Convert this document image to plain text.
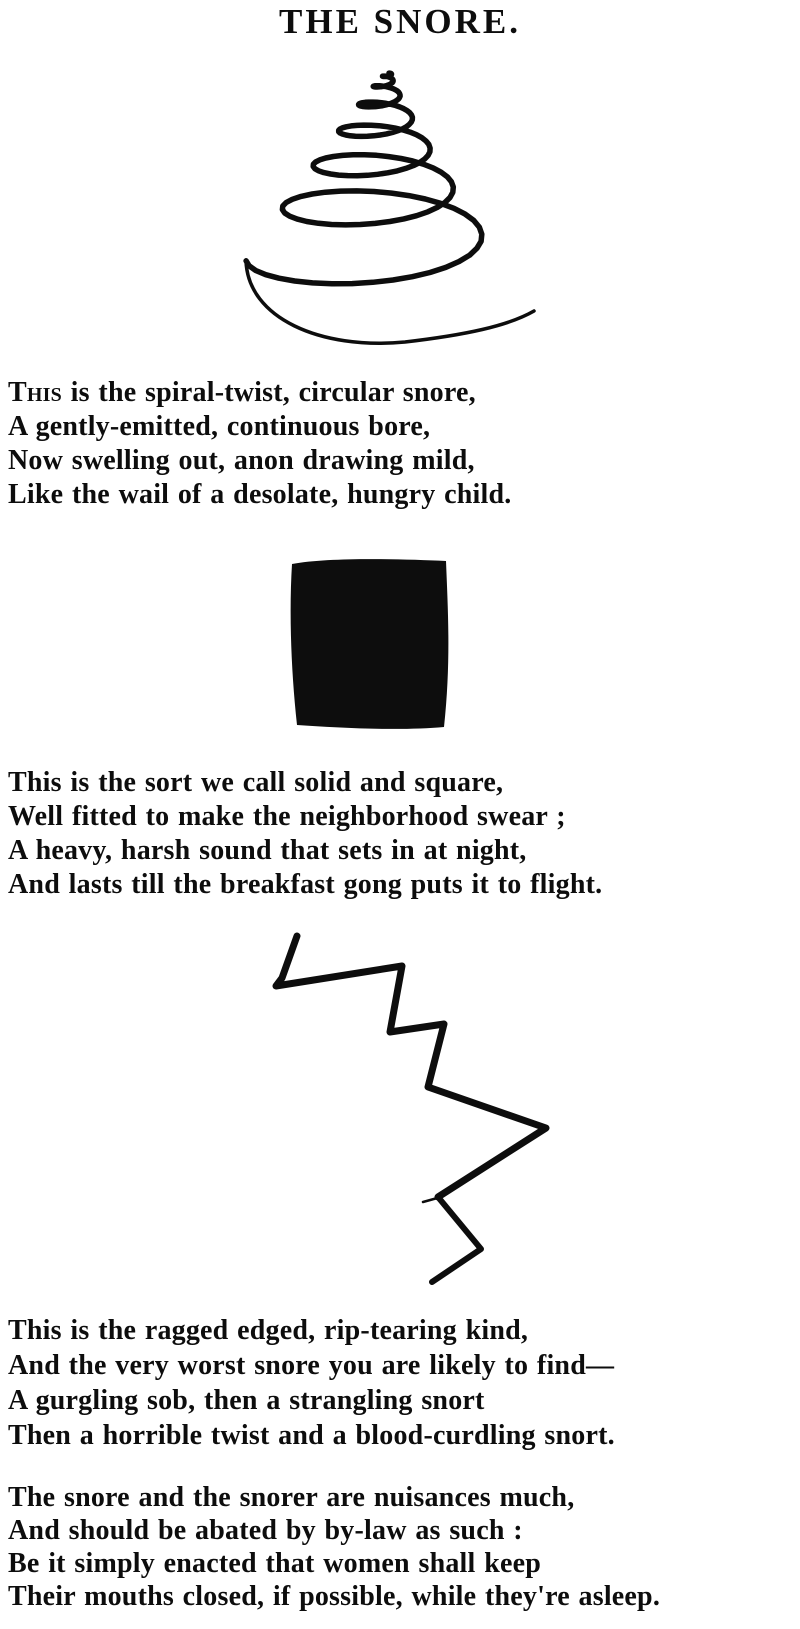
THE SNORE.

This is the spiral-twist, circular snore,

A gently-emitted, continuous bore,

Now swelling out, anon drawing mild,

Like the wail of a desolate, hungry child.

This is the sort we call solid and square,

Well fitted to make the neighborhood swear ;

A heavy, harsh sound that sets in at night,

And lasts till the breakfast gong puts it to flight.

This is the ragged edged, rip-tearing kind,

And the very worst snore you are likely to find—

A gurgling sob, then a strangling snort

Then a horrible twist and a blood-curdling snort.

The snore and the snorer are nuisances much,

And should be abated by by-law as such :

Be it simply enacted that women shall keep

Their mouths closed, if possible, while they're asleep.
